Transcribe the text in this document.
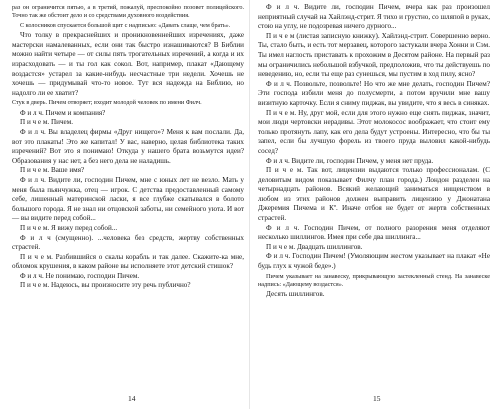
раз он ограничится пятью, а в третий, пожалуй, преспокойно позовет полицейского. Точно так же обстоит дело и со средствами духовного воздействия.

С колосников спускается большой щит с надписью: «Давать слаще, чем брать».

Что толку в прекраснейших и проникновеннейших изречениях, даже мастерски намалеванных, если они так быстро изнашиваются? В Библии можно найти четыре — от силы пять трогательных изречений, а когда и их израсходовать — и ты гол как сокол. Вот, например, плакат «Дающему воздастся» устарел за какие-нибудь несчастные три недели. Хочешь не хочешь — придумывай что-то новое. Тут вся надежда на Библию, но надолго ли ее хватит?

Стук в дверь. Пичем отворяет; входит молодой человек по имени Филч.

Ф и л ч. Пичем и компания?

П и ч е м. Пичем.

Ф и л ч. Вы владелец фирмы «Друг нищего»? Меня к вам послали. Да, вот это плакаты! Это же капитал! У вас, наверно, целая библиотека таких изречений? Вот это я понимаю! Откуда у нашего брата возьмутся идеи? Образования у нас нет, а без него дела не наладишь.

П и ч е м. Ваше имя?

Ф и л ч. Видите ли, господин Пичем, мне с юных лет не везло. Мать у меня была пьянчужка, отец — игрок. С детства предоставленный самому себе, лишенный материнской ласки, я все глубже скатывался в болото большого города. Я не знал ни отцовской заботы, ни семейного уюта. И вот — вы видите перед собой...

П и ч е м. Я вижу перед собой...

Ф и л ч (смущенно). ...человека без средств, жертву собственных страстей.

П и ч е м. Разбившийся о скалы корабль и так далее. Скажите-ка мне, обломок крушения, в каком районе вы исполняете этот детский стишок?

Ф и л ч. Не понимаю, господин Пичем.

П и ч е м. Надеюсь, вы произносите эту речь публично?

14

Ф и л ч. Видите ли, господин Пичем, вчера как раз произошел неприятный случай на Хайлэнд-стрит. Я тихо и грустно, со шляпой в руках, стою на углу, не подозревая ничего дурного...

П и ч е м (листая записную книжку). Хайлэнд-стрит. Совершенно верно. Ты, стало быть, и есть тот мерзавец, которого застукали вчера Хонни и Сэм. Ты имел наглость приставать к прохожим в Десятом районе. На первый раз мы ограничились небольшой взбучкой, предположив, что ты действуешь по неведению, но, если ты еще раз сунешься, мы пустим в ход пилу, ясно?

Ф и л ч. Позвольте, позвольте! Но что же мне делать, господин Пичем? Эти господа избили меня до полусмерти, а потом вручили мне вашу визитную карточку. Если я сниму пиджак, вы увидите, что я весь в синяках.

П и ч е м. Ну, друг мой, если для этого нужно еще снять пиджак, значит, мои люди чертовски нерадивы. Этот молокосос воображает, что стоит ему только протянуть лапу, как его дела будут устроены. Интересно, что бы ты запел, если бы лучшую форель из твоего пруда выловил какой-нибудь сосед?

Ф и л ч. Видите ли, господин Пичем, у меня нет пруда.

П и ч е м. Так вот, лицензии выдаются только профессионалам. (С деловитым видом показывает Филчу план города.) Лондон разделен на четырнадцать районов. Всякий желающий заниматься нищенством в любом из этих районов должен выправить лицензию у Джонатана Джеремия Пичема и Кº. Иначе отбоя не будет от жертв собственных страстей.

Ф и л ч. Господин Пичем, от полного разорения меня отделяют несколько шиллингов. Имея при себе два шиллинга...

П и ч е м. Двадцать шиллингов.

Ф и л ч. Господин Пичем! (Умоляющим жестом указывает на плакат «Не будь глух к чужой беде».)

Пичем указывает на занавеску, прикрывающую застекленный стенд. На занавеске надпись: «Дающему воздастся».

Десять шиллингов.

15
